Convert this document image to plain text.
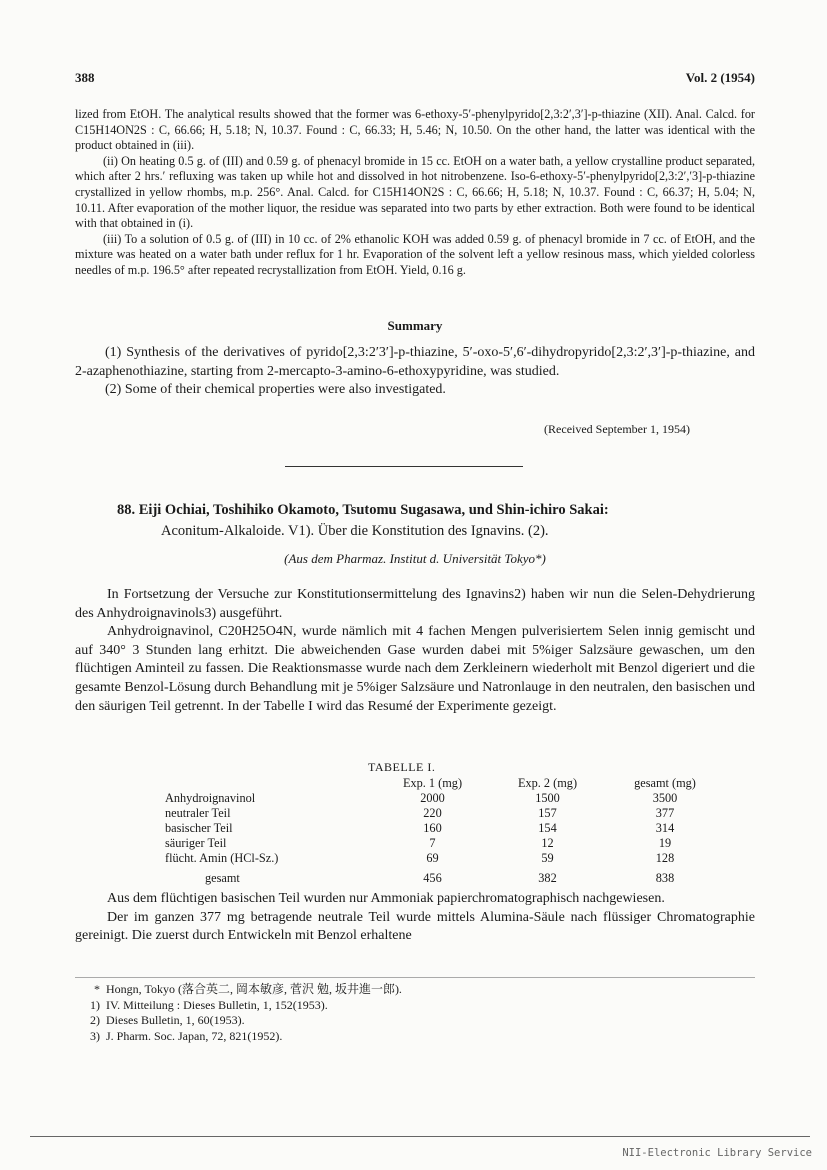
388	Vol. 2 (1954)

lized from EtOH. The analytical results showed that the former was 6-ethoxy-5′-phenylpyrido[2,3:2′,3′]-p-thiazine (XII). Anal. Calcd. for C15H14ON2S : C, 66.66; H, 5.18; N, 10.37. Found : C, 66.33; H, 5.46; N, 10.50. On the other hand, the latter was identical with the product obtained in (iii).

(ii) On heating 0.5 g. of (III) and 0.59 g. of phenacyl bromide in 15 cc. EtOH on a water bath, a yellow crystalline product separated, which after 2 hrs.′ refluxing was taken up while hot and dissolved in hot nitrobenzene. Iso-6-ethoxy-5′-phenylpyrido[2,3:2′,′3]-p-thiazine crystallized in yellow rhombs, m.p. 256°. Anal. Calcd. for C15H14ON2S : C, 66.66; H, 5.18; N, 10.37. Found : C, 66.37; H, 5.04; N, 10.11. After evaporation of the mother liquor, the residue was separated into two parts by ether extraction. Both were found to be identical with that obtained in (i).

(iii) To a solution of 0.5 g. of (III) in 10 cc. of 2% ethanolic KOH was added 0.59 g. of phenacyl bromide in 7 cc. of EtOH, and the mixture was heated on a water bath under reflux for 1 hr. Evaporation of the solvent left a yellow resinous mass, which yielded colorless needles of m.p. 196.5° after repeated recrystallization from EtOH. Yield, 0.16 g.

Summary

(1) Synthesis of the derivatives of pyrido[2,3:2′3′]-p-thiazine, 5′-oxo-5′,6′-dihydropyrido[2,3:2′,3′]-p-thiazine, and 2-azaphenothiazine, starting from 2-mercapto-3-amino-6-ethoxypyridine, was studied.

(2) Some of their chemical properties were also investigated.

(Received September 1, 1954)
88. Eiji Ochiai, Toshihiko Okamoto, Tsutomu Sugasawa, und Shin-ichiro Sakai:
Aconitum-Alkaloide. V1). Über die Konstitution des Ignavins. (2).
(Aus dem Pharmaz. Institut d. Universität Tokyo*)

In Fortsetzung der Versuche zur Konstitutionsermittelung des Ignavins2) haben wir nun die Selen-Dehydrierung des Anhydroignavinols3) ausgeführt.

Anhydroignavinol, C20H25O4N, wurde nämlich mit 4 fachen Mengen pulverisiertem Selen innig gemischt und auf 340° 3 Stunden lang erhitzt. Die abweichenden Gase wurden dabei mit 5%iger Salzsäure gewaschen, um den flüchtigen Aminteil zu fassen. Die Reaktionsmasse wurde nach dem Zerkleinern wiederholt mit Benzol digeriert und die gesamte Benzol-Lösung durch Behandlung mit je 5%iger Salzsäure und Natronlauge in den neutralen, den basischen und den säurigen Teil getrennt. In der Tabelle I wird das Resumé der Experimente gezeigt.

TABELLE I.
	Exp. 1 (mg)	Exp. 2 (mg)	gesamt (mg)
Anhydroignavinol	2000	1500	3500
neutraler Teil	220	157	377
basischer Teil	160	154	314
säuriger Teil	7	12	19
flücht. Amin (HCl-Sz.)	69	59	128
gesamt	456	382	838

Aus dem flüchtigen basischen Teil wurden nur Ammoniak papierchromatographisch nachgewiesen.

Der im ganzen 377 mg betragende neutrale Teil wurde mittels Alumina-Säule nach flüssiger Chromatographie gereinigt. Die zuerst durch Entwickeln mit Benzol erhaltene

* Hongn, Tokyo (落合英二, 岡本敏彦, 菅沢 勉, 坂井進一郎).
1) IV. Mitteilung : Dieses Bulletin, 1, 152(1953).
2) Dieses Bulletin, 1, 60(1953).
3) J. Pharm. Soc. Japan, 72, 821(1952).
NII-Electronic Library Service
